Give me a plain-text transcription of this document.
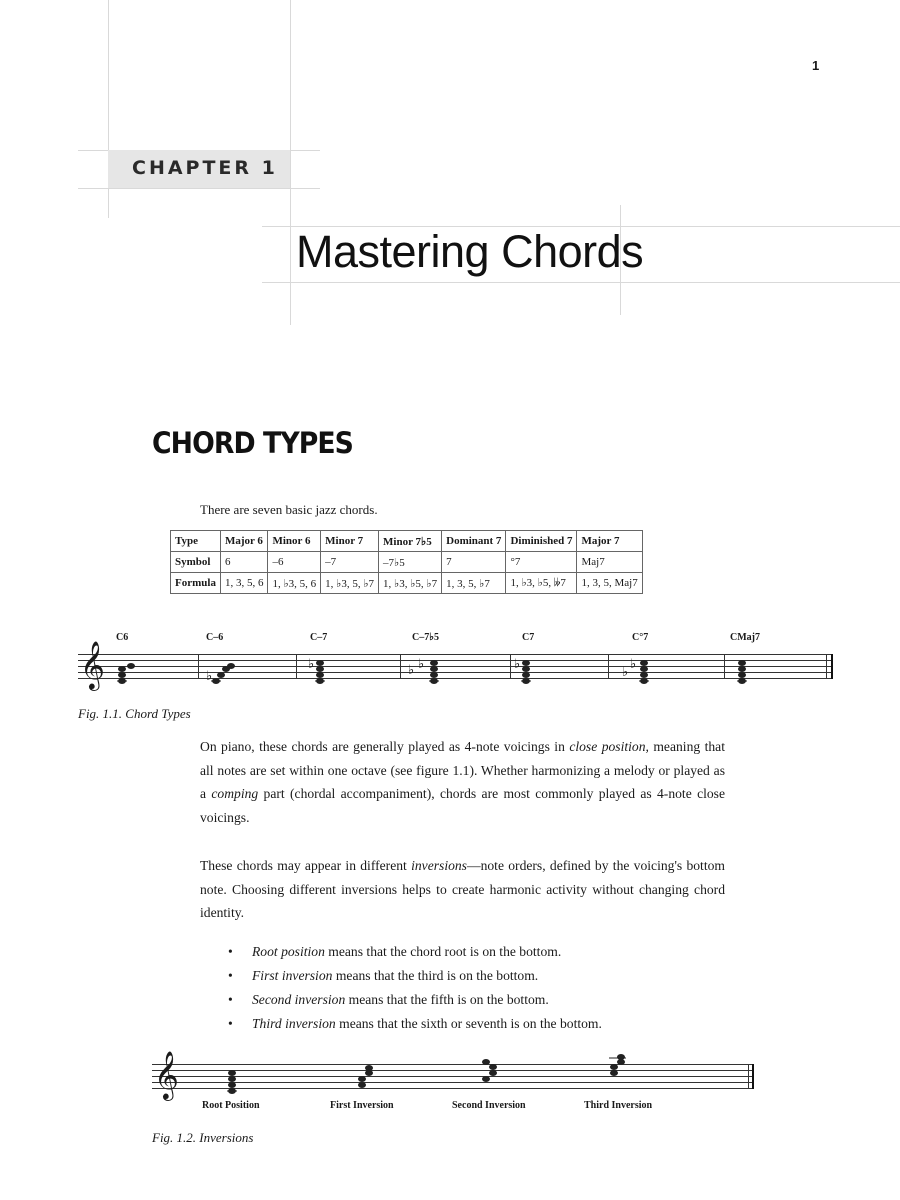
1
CHAPTER 1
Mastering Chords
CHORD TYPES
There are seven basic jazz chords.
Type	Major 6	Minor 6	Minor 7	Minor 7♭5	Dominant 7	Diminished 7	Major 7
Symbol	6	–6	–7	–7♭5	7	°7	Maj7
Formula	1, 3, 5, 6	1, ♭3, 5, 6	1, ♭3, 5, ♭7	1, ♭3, ♭5, ♭7	1, 3, 5, ♭7	1, ♭3, ♭5, 𝄫7	1, 3, 5, Maj7
𝄞
C6	C–6	C–7	C–7♭5	C7	C°7	CMaj7
♭
♭	♭ ♭	♭
♭
♭
Fig. 1.1. Chord Types
On piano, these chords are generally played as 4-note voicings in close position, meaning that all notes are set within one octave (see figure 1.1). Whether harmonizing a melody or played as a comping part (chordal accompaniment), chords are most commonly played as 4-note close voicings.
These chords may appear in different inversions—note orders, defined by the voicing's bottom note. Choosing different inversions helps to create harmonic activity without changing chord identity.
• Root position means that the chord root is on the bottom.
• First inversion means that the third is on the bottom.
• Second inversion means that the fifth is on the bottom.
• Third inversion means that the sixth or seventh is on the bottom.
𝄞
Root Position	First Inversion	Second Inversion	Third Inversion
Fig. 1.2. Inversions
